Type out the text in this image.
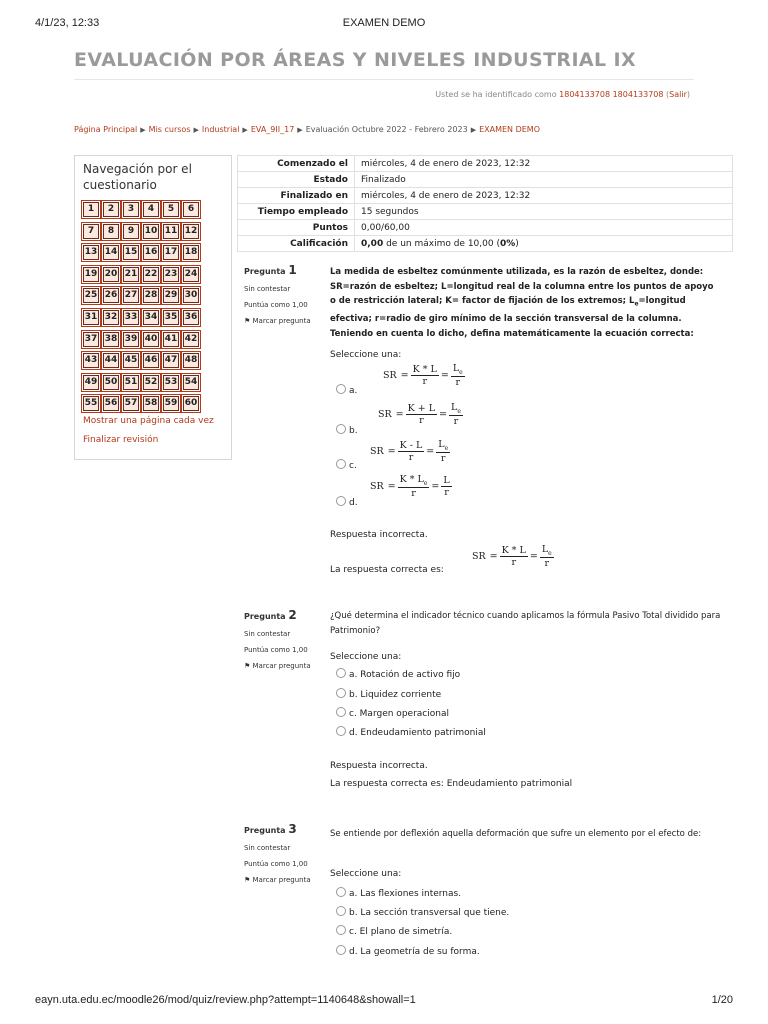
4/1/23, 12:33	EXAMEN DEMO
EVALUACIÓN POR ÁREAS Y NIVELES INDUSTRIAL IX
Usted se ha identificado como 1804133708 1804133708 (Salir)
Página Principal ▶ Mis cursos ▶ Industrial ▶ EVA_9II_17 ▶ Evaluación Octubre 2022 - Febrero 2023 ▶ EXAMEN DEMO
Navegación por el cuestionario
1	2	3	4	5	6
7	8	9	10 11 12
13 14 15 16 17 18
19 20 21 22 23 24
25 26 27 28 29 30
31 32 33 34 35 36
37 38 39 40 41 42
43 44 45 46 47 48
49 50 51 52 53 54
55 56 57 58 59 60
Mostrar una página cada vez
Finalizar revisión
Comenzado el	miércoles, 4 de enero de 2023, 12:32
Estado	Finalizado
Finalizado en	miércoles, 4 de enero de 2023, 12:32
Tiempo empleado	15 segundos
Puntos	0,00/60,00
Calificación	0,00 de un máximo de 10,00 (0%)
Pregunta 1
Sin contestar
Puntúa como 1,00
⚑ Marcar pregunta
La medida de esbeltez comúnmente utilizada, es la razón de esbeltez, donde: SR=razón de esbeltez; L=longitud real de la columna entre los puntos de apoyo o de restricción lateral; K= factor de fijación de los extremos; $L_e=longitud$ efectiva; r=radio de giro mínimo de la sección transversal de la columna. Teniendo en cuenta lo dicho, defina matemáticamente la ecuación correcta:
Seleccione una:
a.
SR = $\frac{K * L}{r} = \frac{L_e}{r}$
b.
SR = $\frac{K + L}{r} = \frac{L_e}{r}$
c.
SR = $\frac{K - L}{r} = \frac{L_e}{r}$
d.
SR = $\frac{K * L_e}{r} = \frac{L}{r}$
Respuesta incorrecta.
La respuesta correcta es:
SR = $\frac{K * L}{r} = \frac{L_e}{r}$
Pregunta 2
Sin contestar
Puntúa como 1,00
⚑ Marcar pregunta
¿Qué determina el indicador técnico cuando aplicamos la fórmula Pasivo Total dividido para Patrimonio?
Seleccione una:
a. Rotación de activo fijo
b. Liquidez corriente
c. Margen operacional
d. Endeudamiento patrimonial
Respuesta incorrecta.
La respuesta correcta es: Endeudamiento patrimonial
Pregunta 3
Sin contestar
Puntúa como 1,00
⚑ Marcar pregunta
Se entiende por deflexión aquella deformación que sufre un elemento por el efecto de:
Seleccione una:
a. Las flexiones internas.
b. La sección transversal que tiene.
c. El plano de simetría.
d. La geometría de su forma.
eayn.uta.edu.ec/moodle26/mod/quiz/review.php?attempt=1140648&showall=1	1/20
